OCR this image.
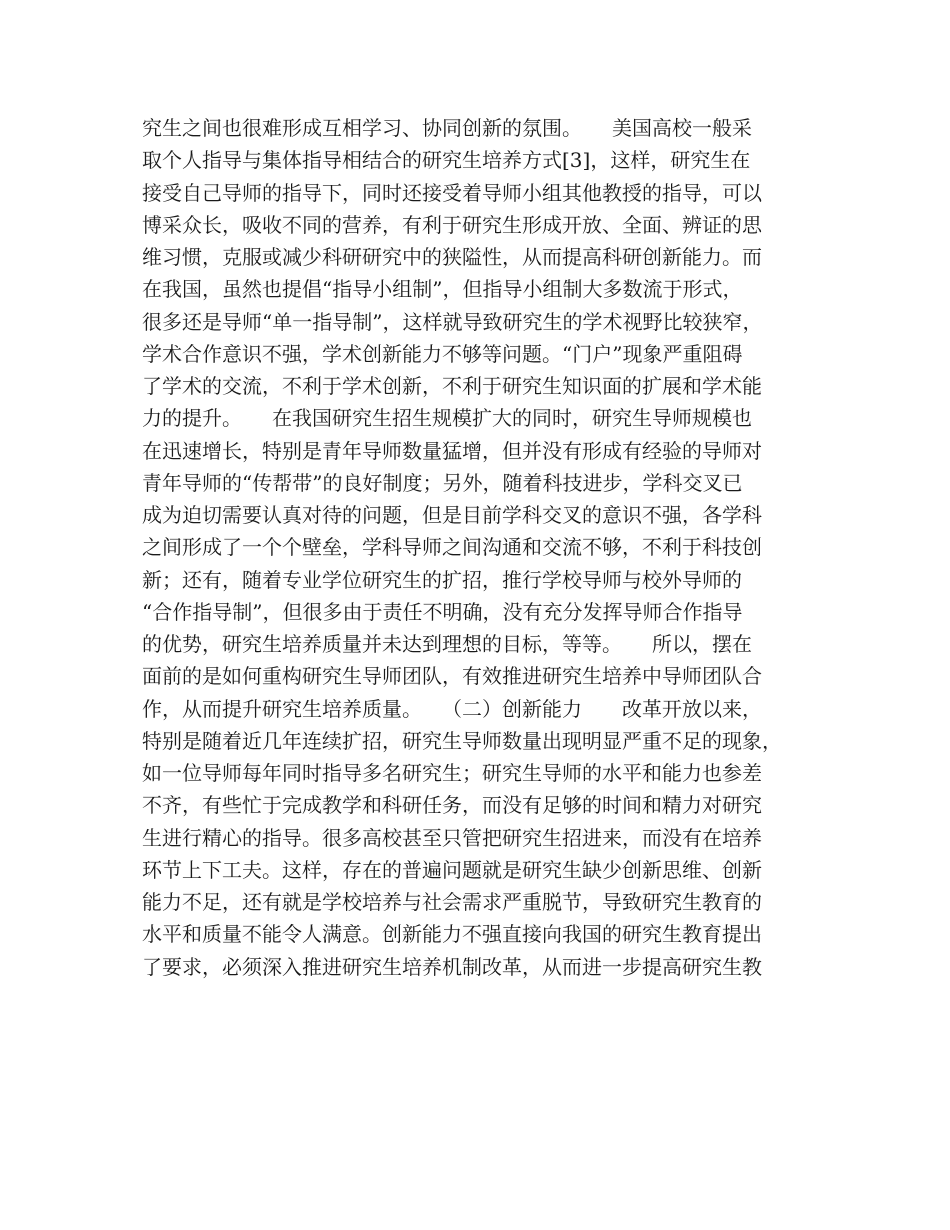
究生之间也很难形成互相学习、协同创新的氛围。　　美国高校一般采
取个人指导与集体指导相结合的研究生培养方式[3]，这样，研究生在
接受自己导师的指导下，同时还接受着导师小组其他教授的指导，可以
博采众长，吸收不同的营养，有利于研究生形成开放、全面、辨证的思
维习惯，克服或减少科研研究中的狭隘性，从而提高科研创新能力。而
在我国，虽然也提倡“指导小组制”，但指导小组制大多数流于形式，
很多还是导师“单一指导制”，这样就导致研究生的学术视野比较狭窄，
学术合作意识不强，学术创新能力不够等问题。“门户”现象严重阻碍
了学术的交流，不利于学术创新，不利于研究生知识面的扩展和学术能
力的提升。　　在我国研究生招生规模扩大的同时，研究生导师规模也
在迅速增长，特别是青年导师数量猛增，但并没有形成有经验的导师对
青年导师的“传帮带”的良好制度；另外，随着科技进步，学科交叉已
成为迫切需要认真对待的问题，但是目前学科交叉的意识不强，各学科
之间形成了一个个壁垒，学科导师之间沟通和交流不够，不利于科技创
新；还有，随着专业学位研究生的扩招，推行学校导师与校外导师的
“合作指导制”，但很多由于责任不明确，没有充分发挥导师合作指导
的优势，研究生培养质量并未达到理想的目标，等等。　　所以，摆在
面前的是如何重构研究生导师团队，有效推进研究生培养中导师团队合
作，从而提升研究生培养质量。　　（二）创新能力　　改革开放以来，
特别是随着近几年连续扩招，研究生导师数量出现明显严重不足的现象，
如一位导师每年同时指导多名研究生；研究生导师的水平和能力也参差
不齐，有些忙于完成教学和科研任务，而没有足够的时间和精力对研究
生进行精心的指导。很多高校甚至只管把研究生招进来，而没有在培养
环节上下工夫。这样，存在的普遍问题就是研究生缺少创新思维、创新
能力不足，还有就是学校培养与社会需求严重脱节，导致研究生教育的
水平和质量不能令人满意。创新能力不强直接向我国的研究生教育提出
了要求，必须深入推进研究生培养机制改革，从而进一步提高研究生教
